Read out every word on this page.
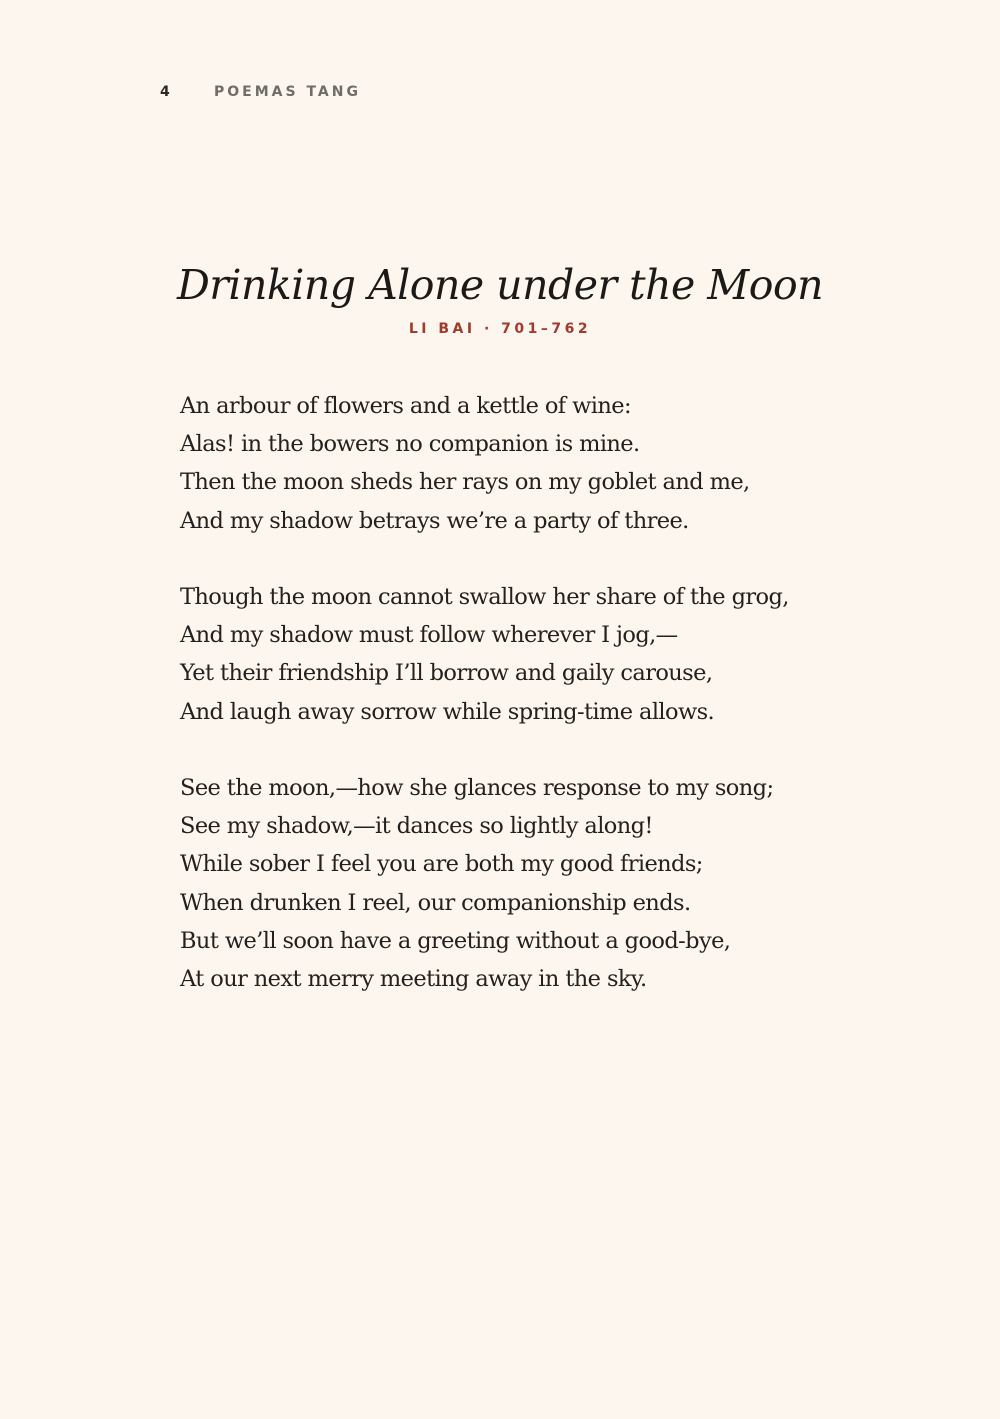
4	POEMAS TANG
Drinking Alone under the Moon
LI BAI · 701–762
An arbour of flowers and a kettle of wine:
Alas! in the bowers no companion is mine.
Then the moon sheds her rays on my goblet and me,
And my shadow betrays we’re a party of three.
Though the moon cannot swallow her share of the grog,
And my shadow must follow wherever I jog,—
Yet their friendship I’ll borrow and gaily carouse,
And laugh away sorrow while spring-time allows.
See the moon,—how she glances response to my song;
See my shadow,—it dances so lightly along!
While sober I feel you are both my good friends;
When drunken I reel, our companionship ends.
But we’ll soon have a greeting without a good-bye,
At our next merry meeting away in the sky.
